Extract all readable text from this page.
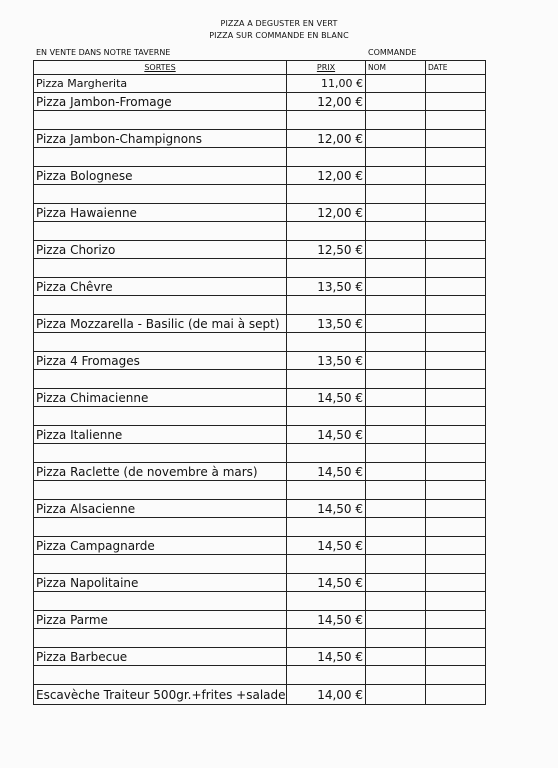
PIZZA A DEGUSTER EN VERT
PIZZA SUR COMMANDE EN BLANC
EN VENTE DANS NOTRE TAVERNE	COMMANDE
SORTES	PRIX	NOM	DATE
Pizza Margherita	11,00 €		
Pizza Jambon-Fromage	12,00 €		

Pizza Jambon-Champignons	12,00 €		

Pizza Bolognese	12,00 €		

Pizza Hawaienne	12,00 €		

Pizza Chorizo	12,50 €		

Pizza Chêvre	13,50 €		

Pizza Mozzarella - Basilic (de mai à sept)	13,50 €		

Pizza 4 Fromages	13,50 €		

Pizza Chimacienne	14,50 €		

Pizza Italienne	14,50 €		

Pizza Raclette (de novembre à mars)	14,50 €		

Pizza Alsacienne	14,50 €		

Pizza Campagnarde	14,50 €		

Pizza Napolitaine	14,50 €		

Pizza Parme	14,50 €		

Pizza Barbecue	14,50 €		

Escavèche Traiteur 500gr.+frites +salade	14,00 €		
